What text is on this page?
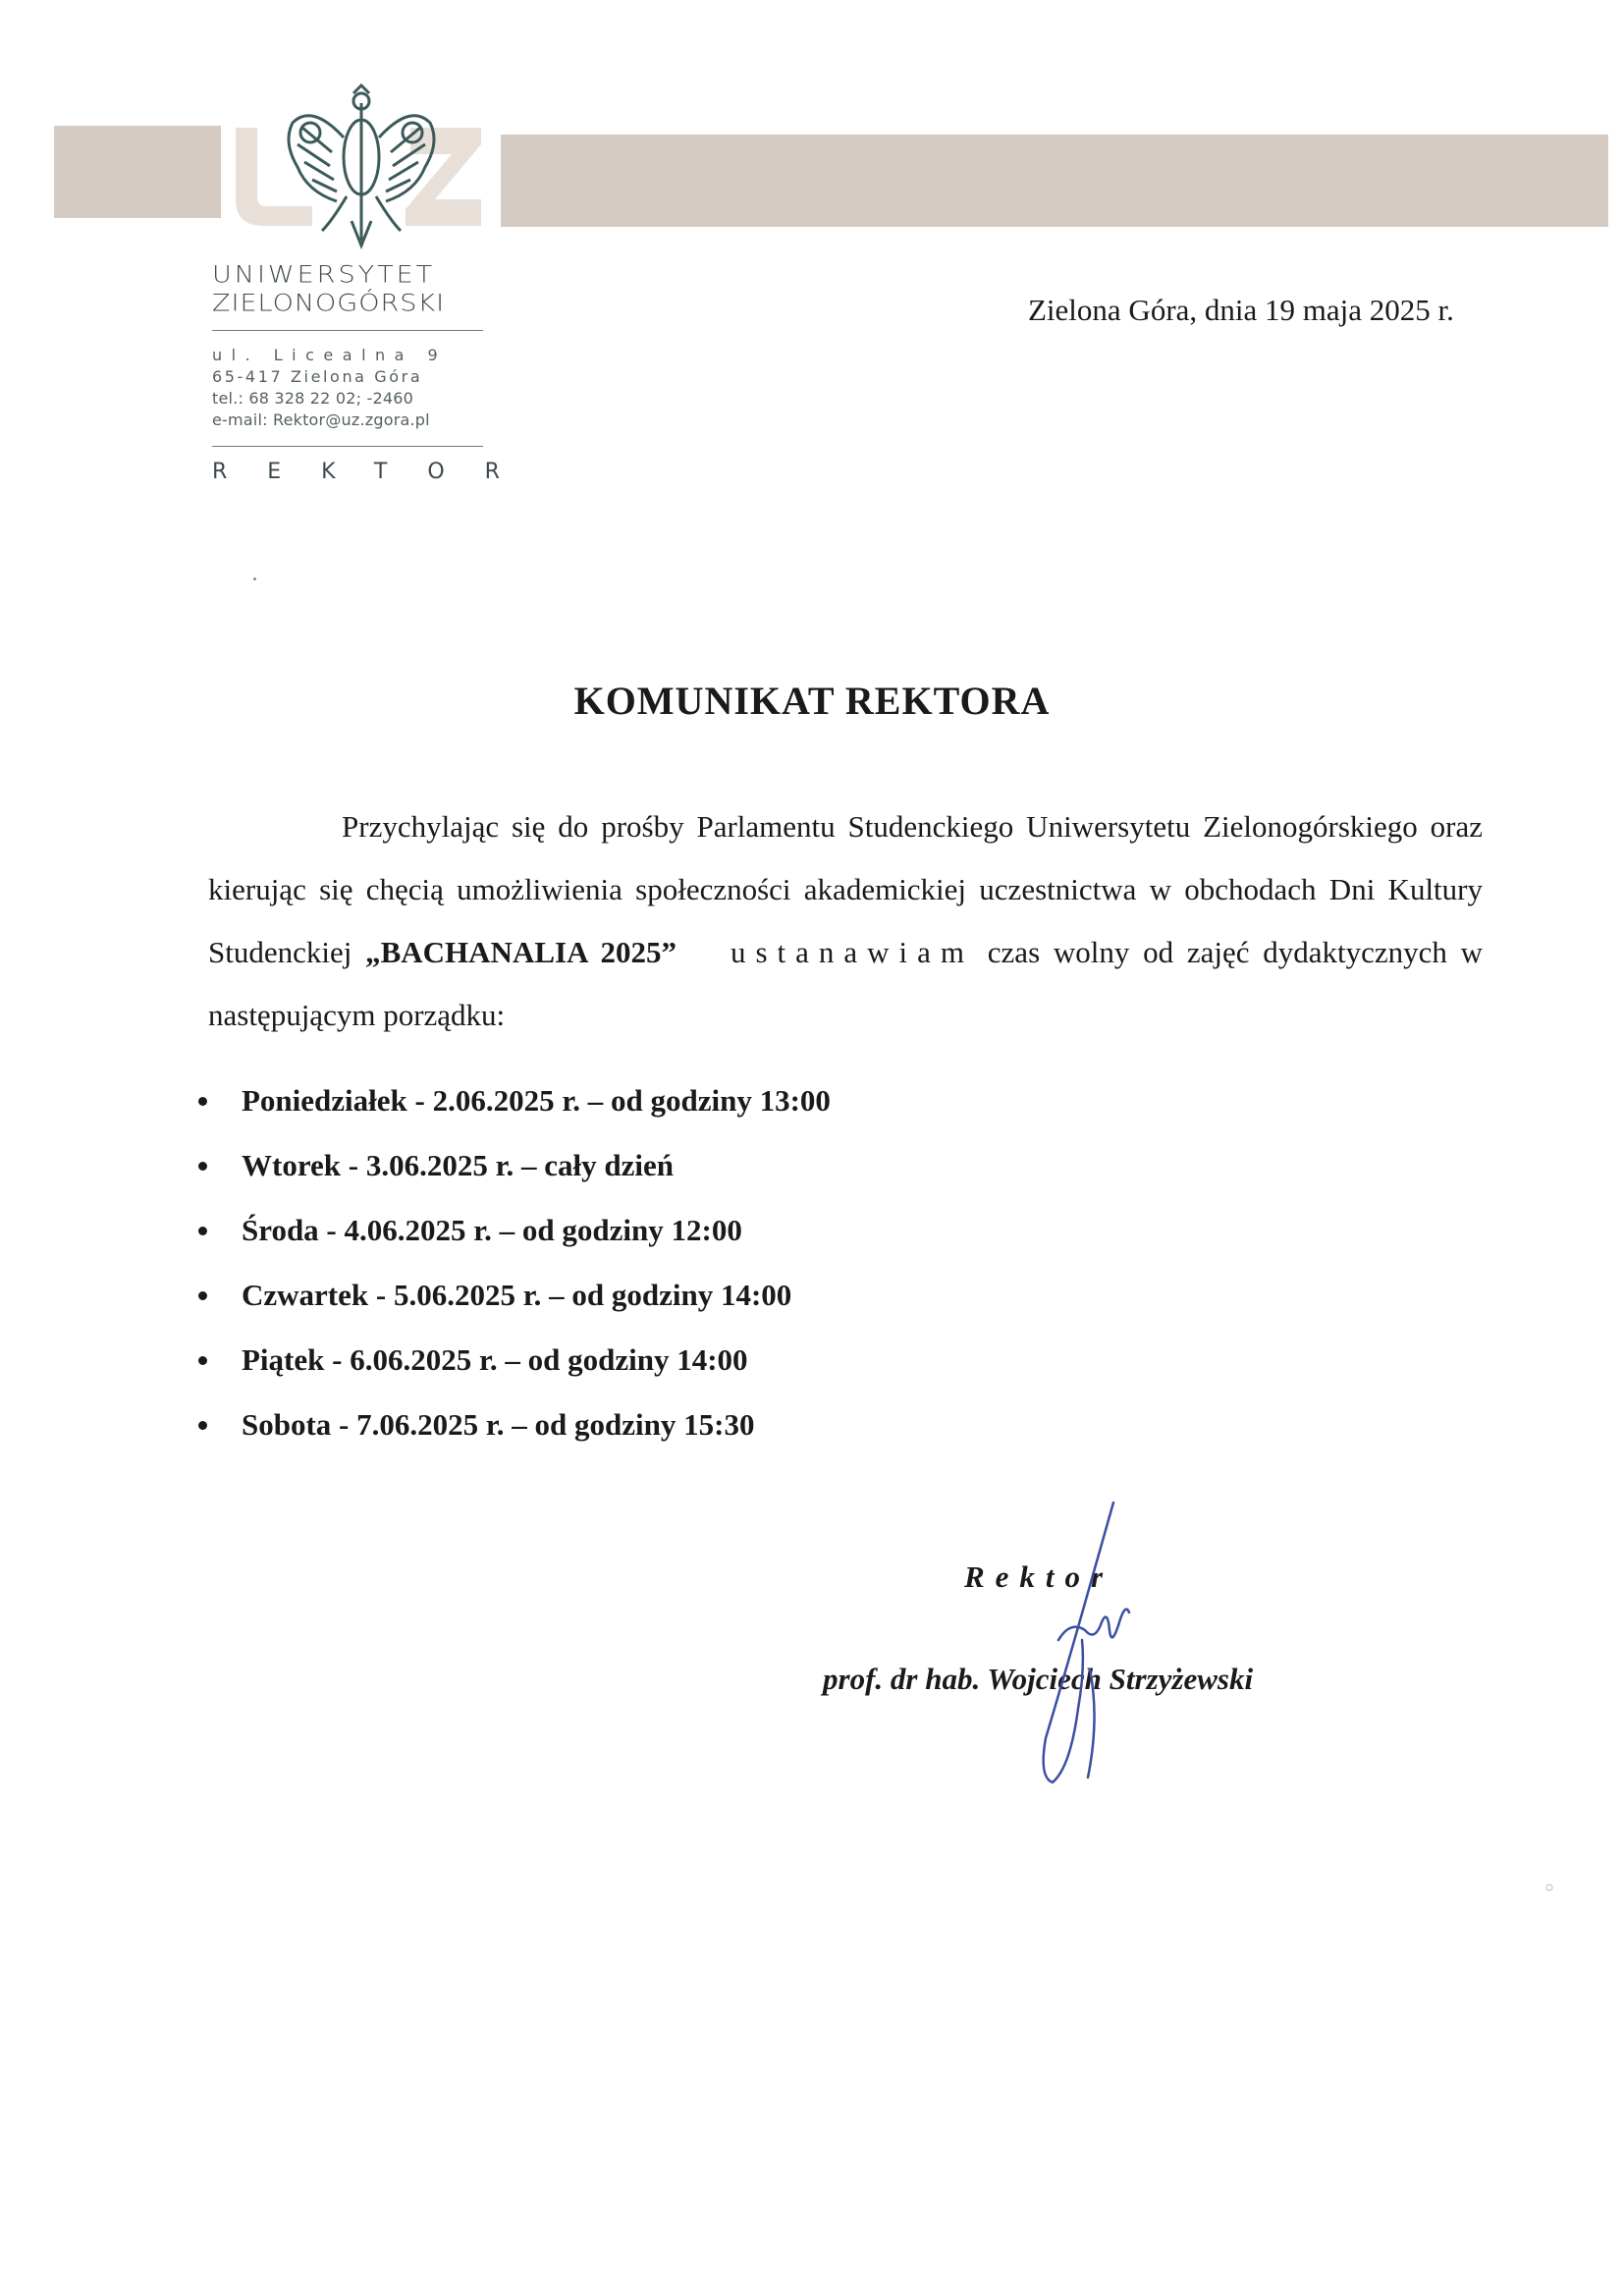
UNIWERSYTET
ZIELONOGÓRSKI
ul. Licealna 9
65-417 Zielona Góra
tel.: 68 328 22 02; -2460
e-mail: Rektor@uz.zgora.pl
REKTOR
Zielona Góra, dnia 19 maja 2025 r.
KOMUNIKAT REKTORA

Przychylając się do prośby Parlamentu Studenckiego Uniwersytetu Zielonogórskiego oraz kierując się chęcią umożliwienia społeczności akademickiej uczestnictwa w obchodach Dni Kultury Studenckiej „BACHANALIA 2025” ustanawiam czas wolny od zajęć dydaktycznych w następującym porządku:

Poniedziałek - 2.06.2025 r. – od godziny 13:00
Wtorek - 3.06.2025 r. – cały dzień
Środa - 4.06.2025 r. – od godziny 12:00
Czwartek - 5.06.2025 r. – od godziny 14:00
Piątek - 6.06.2025 r. – od godziny 14:00
Sobota - 7.06.2025 r. – od godziny 15:30
Rektor
prof. dr hab. Wojciech Strzyżewski
